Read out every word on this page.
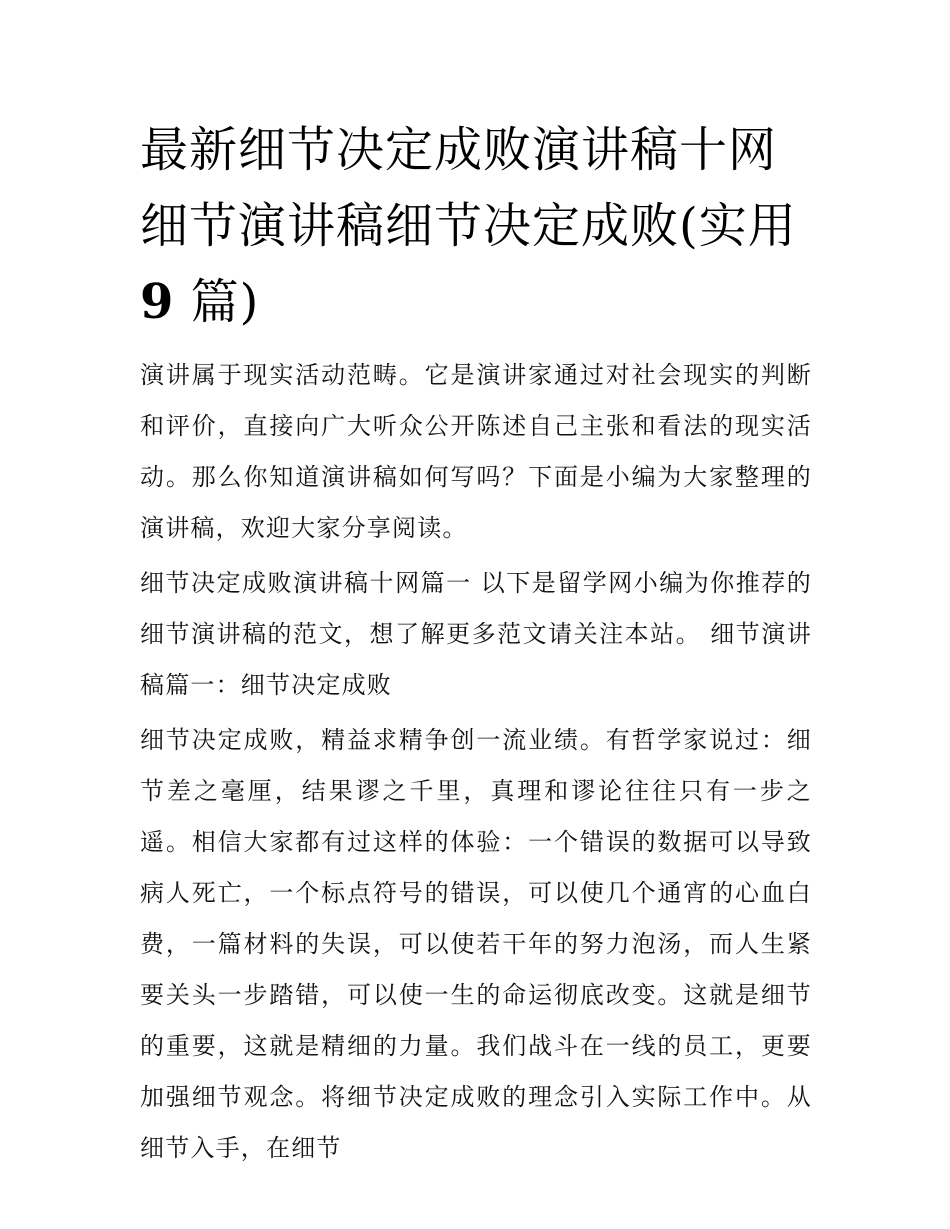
最新细节决定成败演讲稿十网
细节演讲稿细节决定成败(实用
9 篇)

演讲属于现实活动范畴。它是演讲家通过对社会现实的判断和评价，直接向广大听众公开陈述自己主张和看法的现实活动。那么你知道演讲稿如何写吗？下面是小编为大家整理的演讲稿，欢迎大家分享阅读。

细节决定成败演讲稿十网篇一 以下是留学网小编为你推荐的细节演讲稿的范文，想了解更多范文请关注本站。 细节演讲稿篇一：细节决定成败

细节决定成败，精益求精争创一流业绩。有哲学家说过：细节差之毫厘，结果谬之千里，真理和谬论往往只有一步之遥。相信大家都有过这样的体验：一个错误的数据可以导致病人死亡，一个标点符号的错误，可以使几个通宵的心血白费，一篇材料的失误，可以使若干年的努力泡汤，而人生紧要关头一步踏错，可以使一生的命运彻底改变。这就是细节的重要，这就是精细的力量。我们战斗在一线的员工，更要加强细节观念。将细节决定成败的理念引入实际工作中。从细节入手，在细节
